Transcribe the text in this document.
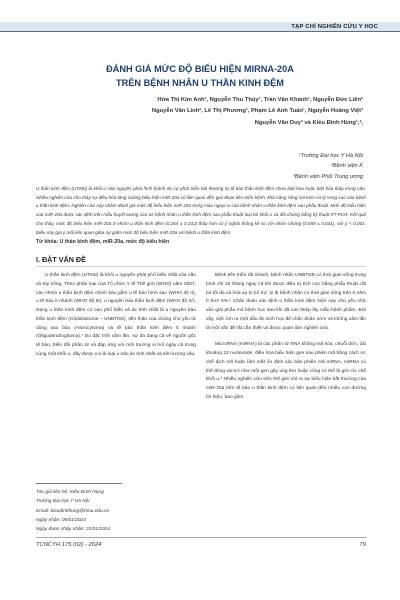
TẠP CHÍ NGHIÊN CỨU Y HỌC
ĐÁNH GIÁ MỨC ĐỘ BIỂU HIỆN MIRNA-20A
TRÊN BỆNH NHÂN U THẦN KINH ĐỆM
Hứa Thị Kim Anh¹, Nguyễn Thu Thúy¹, Trần Văn Khánh¹, Nguyễn Đức Liên²
Nguyễn Văn Linh², Lê Thị Phương¹, Phạm Lê Anh Tuấn¹, Nguyễn Hoàng Việt³
Nguyễn Văn Duy³ và Kiều Đình Hùng¹,²,
¹Trường Đại học Y Hà Nội
²Bệnh viện K
³Bệnh viện Phổi Trung ương
U thần kinh đệm (UTKĐ) là khối u não nguyên phát hình thành do sự phát triển bất thường từ tế bào thần kinh đệm chưa biệt hóa hoặc biệt hóa thấp trong não. Nhiều nghiên cứu cho thấy sự điều hòa tăng cường biểu hiện miR-20a có liên quan đến giai đoạn tiến triển bệnh, khả năng sống sót kém và tỷ vong cao của bệnh u thần kinh đệm. Nghiên cứu này nhằm đánh giá mức độ biểu hiện miR-20a trong máu ngoại vi của bệnh nhân u thần kinh đệm sau phẫu thuật. Mức độ biểu hiện của miR-20a được xác định trên mẫu huyết tương của 62 bệnh nhân u thần kinh đệm sau phẫu thuật loại bỏ khối u và đối chứng bằng kỹ thuật RT-PCR. Kết quả cho thấy, mức độ biểu hiện miR-20a ở nhóm u thần kinh đệm (0,264 ± 0,342) thấp hơn có ý nghĩa thống kê so với nhóm chứng (0,659 ± 0,641), với p < 0,001. Điều này gợi ý mối liên quan giữa sự giảm mức độ biểu hiện miR-20a với bệnh u thần kinh đệm.
Từ khóa: U thần kinh đệm, miR-20a, mức độ biểu hiện
I. ĐẶT VẤN ĐỀ

U thần kinh đệm (UTKĐ) là khối u nguyên phát phổ biến nhất của não và tủy sống. Theo phân loại của Tổ chức Y tế Thế giới (WHO) năm 2007, các nhóm u thần kinh đệm chính bao gồm u tế bào hình sao (WHO độ II), u tế bào ít nhánh (WHO độ III), u nguyên bào thần kinh đệm (WHO độ IV). Dạng u thần kinh đệm có cao phổ biến và ác tính nhất là u nguyên bào thần kinh đệm (Glioblastoma – UNBTKĐ), tiến thân của chúng chủ yếu từ dòng sao bào (Astrocytoma) và tế bào thần kinh đệm ít nhánh (Oligodendroglioma).¹ Do đặc tính xâm lấn, sự đa dạng cả về nguồn gốc tế bào, biến đổi phân tử và đáp ứng với môi trường vi mô ngày cả trong cùng một khối u, đây được coi là loại u não ác tính nhất và tiên lượng xấu.

Bệnh tiến triển rất nhanh, bệnh nhân UNBTKĐ có thời gian sống trung bình chỉ 15 tháng ngay cả khi được điều trị tích cực bằng phẫu thuật cắt bỏ tối đa và hóa xạ trị bổ trợ, tỷ lệ bệnh nhân có thời gian sống trên 5 năm ít hơn 5%.² Chẩn đoán xác định u thần kinh đệm hiện nay chủ yếu nhờ vào giải phẫu mô bệnh học sau khi đã can thiệp lấy mẫu bệnh phẩm. Bởi vậy, việc tìm ra một dấu ấn sinh học để chẩn đoán sớm và không xâm lấn là một vấn đề rất cần thiết và được quan tâm nghiên cứu.

MicroRNA (miRNA) là các phân tử RNA không mã hóa, chuỗi đơn, dài khoảng 22 nucleotide, điều hòa biểu hiện gen sau phiên mã bằng cách ức chế dịch mã hoặc làm mất ổn định các bản phiên mã mRNA. miRNA có thể đóng vai trò như một gen gây ung thư hoặc cũng có thể là gen ức chế khối u.³ Nhiều nghiên cứu trên thế giới chỉ ra sự biểu hiện bất thường của miR-20a trên tế bào u thần kinh đệm có liên quan đến nhiều con đường tín hiệu, bao gồm

Tác giả liên hệ: Kiều Đình Hùng
Trường Đại học Y Hà Nội
Email: kieudinhhung@hmu.edu.vn
Ngày nhận: 05/01/2024
Ngày được chấp nhận: 22/01/2024
TCNCYH 175 (02) - 2024	79
